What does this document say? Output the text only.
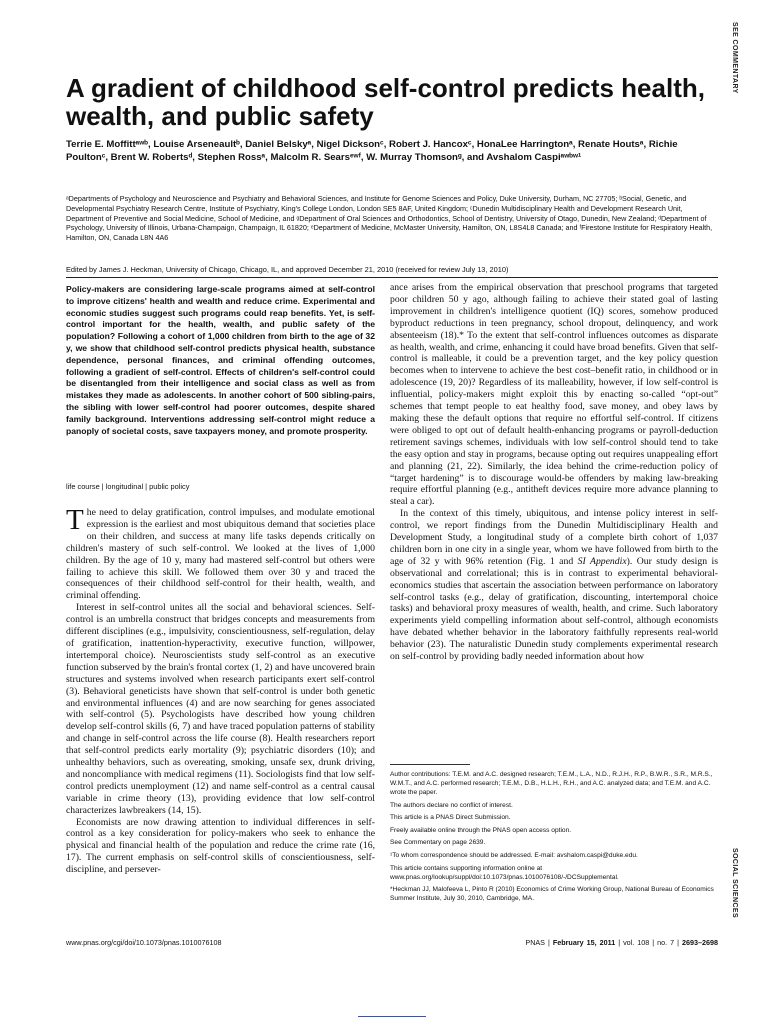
SEE COMMENTARY
SOCIAL SCIENCES
A gradient of childhood self-control predicts health, wealth, and public safety
Terrie E. Moffittᵃʷᵇ, Louise Arseneaultᵇ, Daniel Belskyᵃ, Nigel Dicksonᶜ, Robert J. Hancoxᶜ, HonaLee Harringtonᵃ, Renate Houtsᵃ, Richie Poultonᶜ, Brent W. Robertsᵈ, Stephen Rossᵃ, Malcolm R. Searsᵉʷᶠ, W. Murray Thomsonᵍ, and Avshalom Caspiᵃʷᵇʷ¹
ᵃDepartments of Psychology and Neuroscience and Psychiatry and Behavioral Sciences, and Institute for Genome Sciences and Policy, Duke University, Durham, NC 27705; ᵇSocial, Genetic, and Developmental Psychiatry Research Centre, Institute of Psychiatry, King's College London, London SE5 8AF, United Kingdom; ᶜDunedin Multidisciplinary Health and Development Research Unit, Department of Preventive and Social Medicine, School of Medicine, and ᵍDepartment of Oral Sciences and Orthodontics, School of Dentistry, University of Otago, Dunedin, New Zealand; ᵈDepartment of Psychology, University of Illinois, Urbana-Champaign, Champaign, IL 61820; ᵉDepartment of Medicine, McMaster University, Hamilton, ON, L8S4L8 Canada; and ᶠFirestone Institute for Respiratory Health, Hamilton, ON, Canada L8N 4A6
Edited by James J. Heckman, University of Chicago, Chicago, IL, and approved December 21, 2010 (received for review July 13, 2010)

Policy-makers are considering large-scale programs aimed at self-control to improve citizens' health and wealth and reduce crime. Experimental and economic studies suggest such programs could reap benefits. Yet, is self-control important for the health, wealth, and public safety of the population? Following a cohort of 1,000 children from birth to the age of 32 y, we show that childhood self-control predicts physical health, substance dependence, personal finances, and criminal offending outcomes, following a gradient of self-control. Effects of children's self-control could be disentangled from their intelligence and social class as well as from mistakes they made as adolescents. In another cohort of 500 sibling-pairs, the sibling with lower self-control had poorer outcomes, despite shared family background. Interventions addressing self-control might reduce a panoply of societal costs, save taxpayers money, and promote prosperity.

life course | longitudinal | public policy

The need to delay gratification, control impulses, and modulate emotional expression is the earliest and most ubiquitous demand that societies place on their children, and success at many life tasks depends critically on children's mastery of such self-control. We looked at the lives of 1,000 children. By the age of 10 y, many had mastered self-control but others were failing to achieve this skill. We followed them over 30 y and traced the consequences of their childhood self-control for their health, wealth, and criminal offending.

Interest in self-control unites all the social and behavioral sciences. Self-control is an umbrella construct that bridges concepts and measurements from different disciplines (e.g., impulsivity, conscientiousness, self-regulation, delay of gratification, inattention-hyperactivity, executive function, willpower, intertemporal choice). Neuroscientists study self-control as an executive function subserved by the brain's frontal cortex (1, 2) and have uncovered brain structures and systems involved when research participants exert self-control (3). Behavioral geneticists have shown that self-control is under both genetic and environmental influences (4) and are now searching for genes associated with self-control (5). Psychologists have described how young children develop self-control skills (6, 7) and have traced population patterns of stability and change in self-control across the life course (8). Health researchers report that self-control predicts early mortality (9); psychiatric disorders (10); and unhealthy behaviors, such as overeating, smoking, unsafe sex, drunk driving, and noncompliance with medical regimens (11). Sociologists find that low self-control predicts unemployment (12) and name self-control as a central causal variable in crime theory (13), providing evidence that low self-control characterizes lawbreakers (14, 15).

Economists are now drawing attention to individual differences in self-control as a key consideration for policy-makers who seek to enhance the physical and financial health of the population and reduce the crime rate (16, 17). The current emphasis on self-control skills of conscientiousness, self-discipline, and persever-

ance arises from the empirical observation that preschool programs that targeted poor children 50 y ago, although failing to achieve their stated goal of lasting improvement in children's intelligence quotient (IQ) scores, somehow produced byproduct reductions in teen pregnancy, school dropout, delinquency, and work absenteeism (18).* To the extent that self-control influences outcomes as disparate as health, wealth, and crime, enhancing it could have broad benefits. Given that self-control is malleable, it could be a prevention target, and the key policy question becomes when to intervene to achieve the best cost–benefit ratio, in childhood or in adolescence (19, 20)? Regardless of its malleability, however, if low self-control is influential, policy-makers might exploit this by enacting so-called “opt-out” schemes that tempt people to eat healthy food, save money, and obey laws by making these the default options that require no effortful self-control. If citizens were obliged to opt out of default health-enhancing programs or payroll-deduction retirement savings schemes, individuals with low self-control should tend to take the easy option and stay in programs, because opting out requires unappealing effort and planning (21, 22). Similarly, the idea behind the crime-reduction policy of “target hardening” is to discourage would-be offenders by making law-breaking require effortful planning (e.g., antitheft devices require more advance planning to steal a car).

In the context of this timely, ubiquitous, and intense policy interest in self-control, we report findings from the Dunedin Multidisciplinary Health and Development Study, a longitudinal study of a complete birth cohort of 1,037 children born in one city in a single year, whom we have followed from birth to the age of 32 y with 96% retention (Fig. 1 and SI Appendix). Our study design is observational and correlational; this is in contrast to experimental behavioral-economics studies that ascertain the association between performance on laboratory self-control tasks (e.g., delay of gratification, discounting, intertemporal choice tasks) and behavioral proxy measures of wealth, health, and crime. Such laboratory experiments yield compelling information about self-control, although economists have debated whether behavior in the laboratory faithfully represents real-world behavior (23). The naturalistic Dunedin study complements experimental research on self-control by providing badly needed information about how

Author contributions: T.E.M. and A.C. designed research; T.E.M., L.A., N.D., R.J.H., R.P., B.W.R., S.R., M.R.S., W.M.T., and A.C. performed research; T.E.M., D.B., H.L.H., R.H., and A.C. analyzed data; and T.E.M. and A.C. wrote the paper.
The authors declare no conflict of interest.
This article is a PNAS Direct Submission.
Freely available online through the PNAS open access option.
See Commentary on page 2639.
¹To whom correspondence should be addressed. E-mail: avshalom.caspi@duke.edu.
This article contains supporting information online at www.pnas.org/lookup/suppl/doi:10.1073/pnas.1010076108/-/DCSupplemental.
*Heckman JJ, Malofeeva L, Pinto R (2010) Economics of Crime Working Group, National Bureau of Economics Summer Institute, July 30, 2010, Cambridge, MA.
www.pnas.org/cgi/doi/10.1073/pnas.1010076108	PNAS | February 15, 2011 | vol. 108 | no. 7 | 2693–2698
